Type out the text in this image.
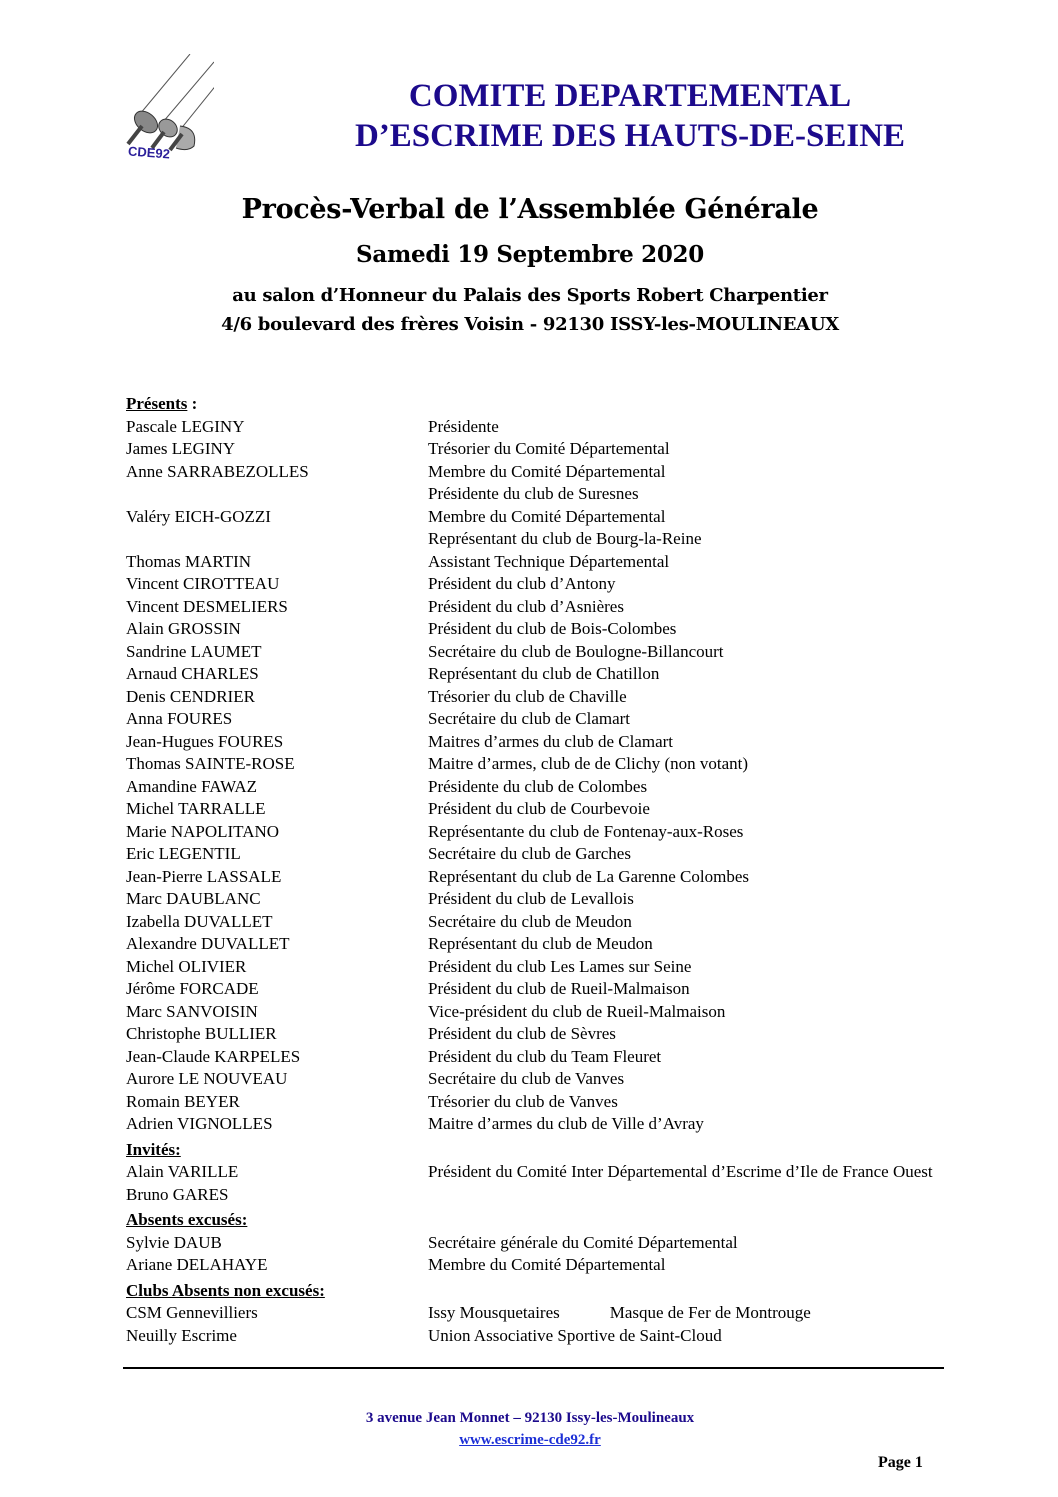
CDE92
COMITE DEPARTEMENTAL
D’ESCRIME DES HAUTS-DE-SEINE
Procès-Verbal de l’Assemblée Générale
Samedi 19 Septembre 2020
au salon d’Honneur du Palais des Sports Robert Charpentier
4/6 boulevard des frères Voisin - 92130 ISSY-les-MOULINEAUX
Présents :
Pascale LEGINY	Présidente
James LEGINY	Trésorier du Comité Départemental
Anne SARRABEZOLLES	Membre du Comité Départemental
Présidente du club de Suresnes
Valéry EICH-GOZZI	Membre du Comité Départemental
Représentant du club de Bourg-la-Reine
Thomas MARTIN	Assistant Technique Départemental
Vincent CIROTTEAU	Président du club d’Antony
Vincent DESMELIERS	Président du club d’Asnières
Alain GROSSIN	Président du club de Bois-Colombes
Sandrine LAUMET	Secrétaire du club de Boulogne-Billancourt
Arnaud CHARLES	Représentant du club de Chatillon
Denis CENDRIER	Trésorier du club de Chaville
Anna FOURES	Secrétaire du club de Clamart
Jean-Hugues FOURES	Maitres d’armes du club de Clamart
Thomas SAINTE-ROSE	Maitre d’armes, club de de Clichy (non votant)
Amandine FAWAZ	Présidente du club de Colombes
Michel TARRALLE	Président du club de Courbevoie
Marie NAPOLITANO	Représentante du club de Fontenay-aux-Roses
Eric LEGENTIL	Secrétaire du club de Garches
Jean-Pierre LASSALE	Représentant du club de La Garenne Colombes
Marc DAUBLANC	Président du club de Levallois
Izabella DUVALLET	Secrétaire du club de Meudon
Alexandre DUVALLET	Représentant du club de Meudon
Michel OLIVIER	Président du club Les Lames sur Seine
Jérôme FORCADE	Président du club de Rueil-Malmaison
Marc SANVOISIN	Vice-président du club de Rueil-Malmaison
Christophe BULLIER	Président du club de Sèvres
Jean-Claude KARPELES	Président du club du Team Fleuret
Aurore LE NOUVEAU	Secrétaire du club de Vanves
Romain BEYER	Trésorier du club de Vanves
Adrien VIGNOLLES	Maitre d’armes du club de Ville d’Avray
Invités:
Alain VARILLE	Président du Comité Inter Départemental d’Escrime d’Ile de France Ouest
Bruno GARES
Absents excusés:
Sylvie DAUB	Secrétaire générale du Comité Départemental
Ariane DELAHAYE	Membre du Comité Départemental
Clubs Absents non excusés:
CSM Gennevilliers	Issy Mousquetaires	Masque de Fer de Montrouge
Neuilly Escrime	Union Associative Sportive de Saint-Cloud
3 avenue Jean Monnet – 92130 Issy-les-Moulineaux
www.escrime-cde92.fr
Page 1
